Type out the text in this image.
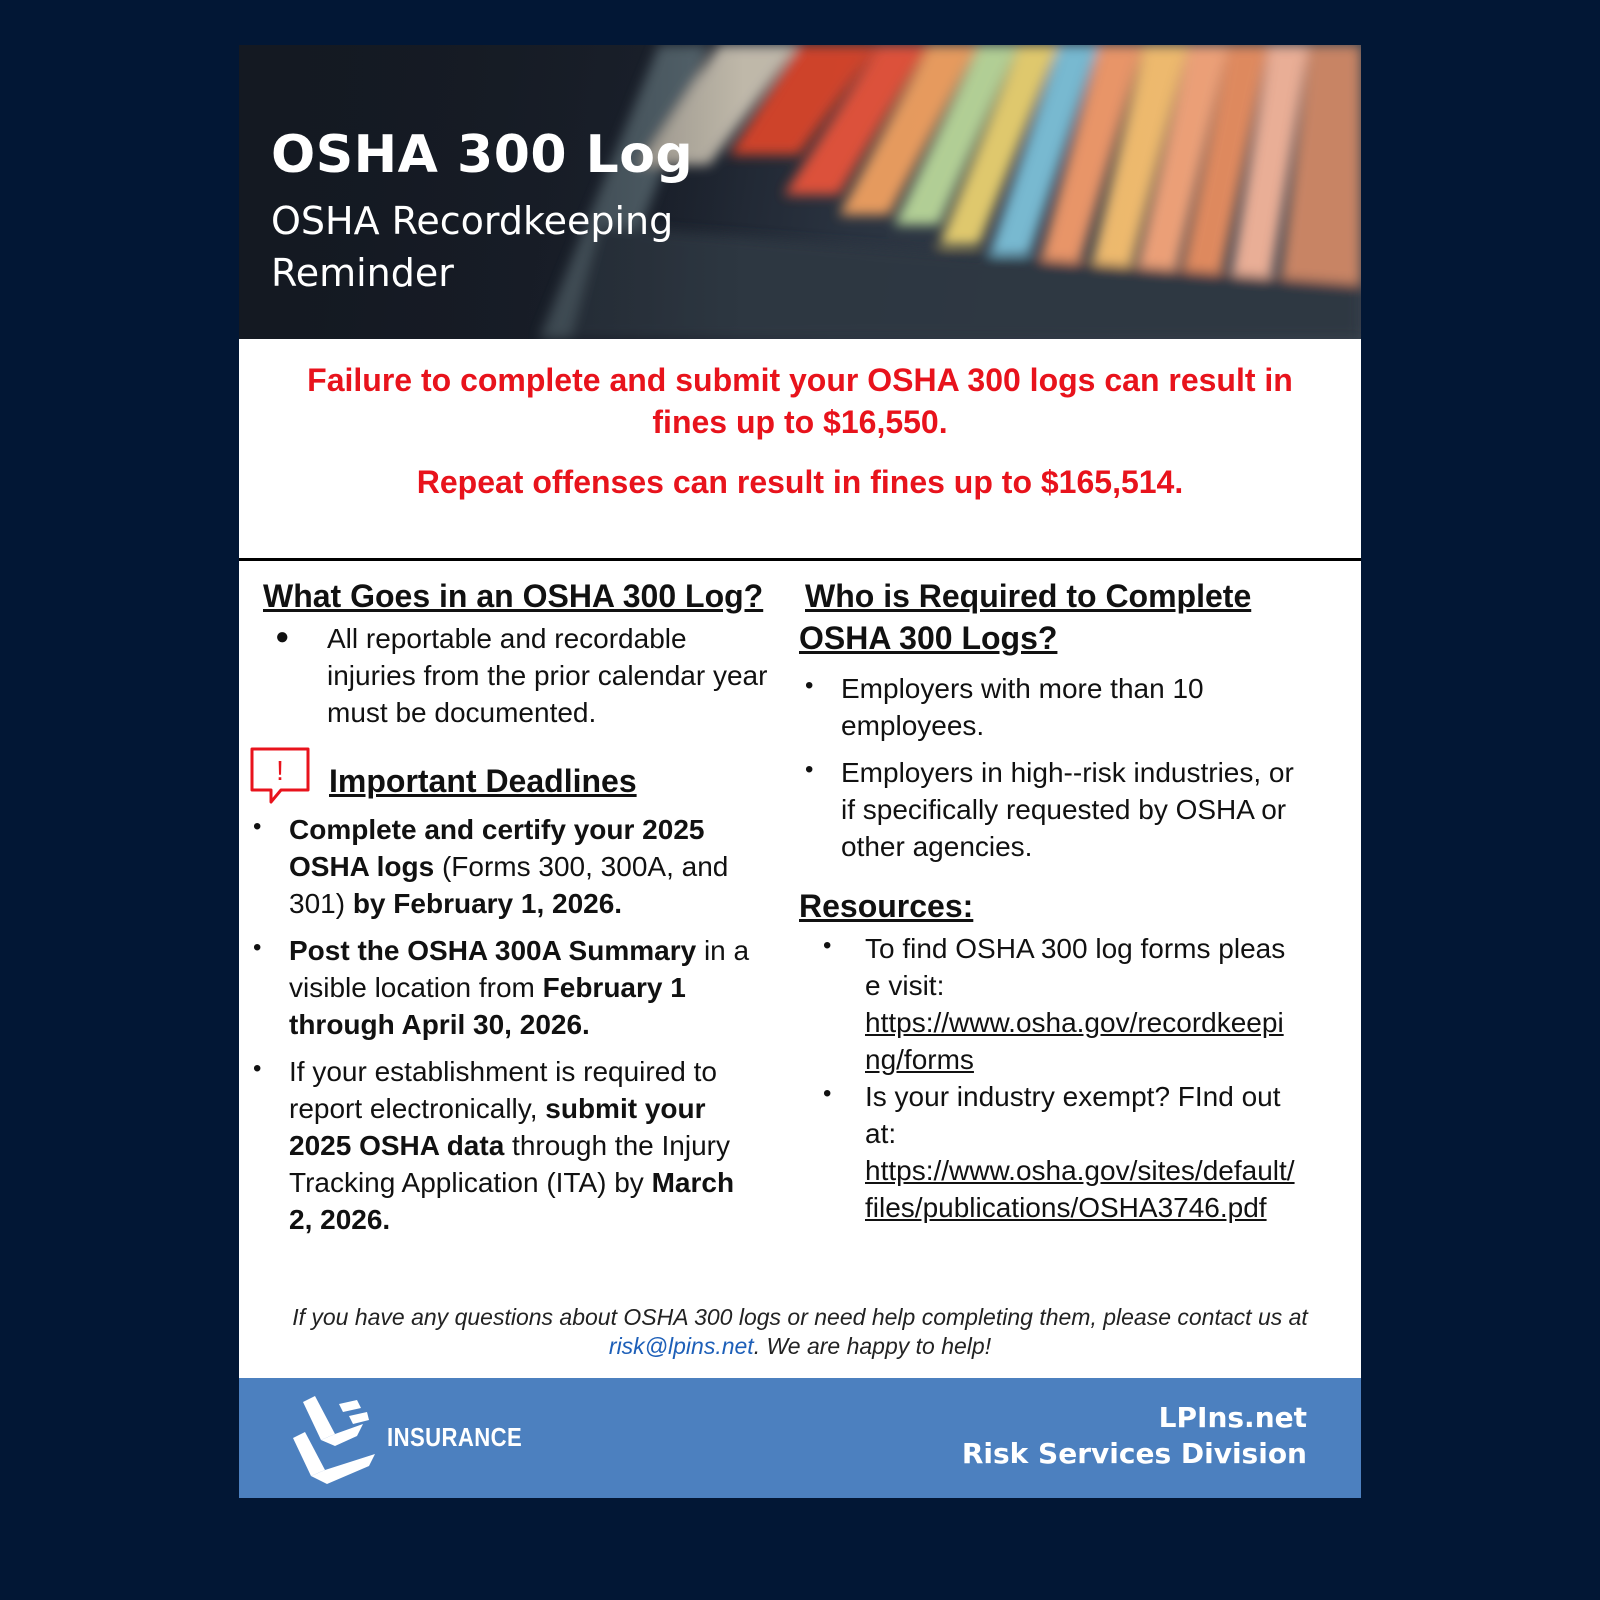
OSHA 300 Log
OSHA Recordkeeping Reminder
Failure to complete and submit your OSHA 300 logs can result in fines up to $16,550.
Repeat offenses can result in fines up to $165,514.
What Goes in an OSHA 300 Log?
● All reportable and recordable injuries from the prior calendar year must be documented.
! Important Deadlines
• Complete and certify your 2025 OSHA logs (Forms 300, 300A, and 301) by February 1, 2026.
• Post the OSHA 300A Summary in a visible location from February 1 through April 30, 2026.
• If your establishment is required to report electronically, submit your 2025 OSHA data through the Injury Tracking Application (ITA) by March 2, 2026.
Who is Required to Complete OSHA 300 Logs?
• Employers with more than 10 employees.
• Employers in high--risk industries, or if specifically requested by OSHA or other agencies.
Resources:
• To find OSHA 300 log forms please visit:
https://www.osha.gov/recordkeeping/forms
• Is your industry exempt? FInd out at:
https://www.osha.gov/sites/default/files/publications/OSHA3746.pdf
If you have any questions about OSHA 300 logs or need help completing them, please contact us at
risk@lpins.net. We are happy to help!
INSURANCE
LPIns.net
Risk Services Division
